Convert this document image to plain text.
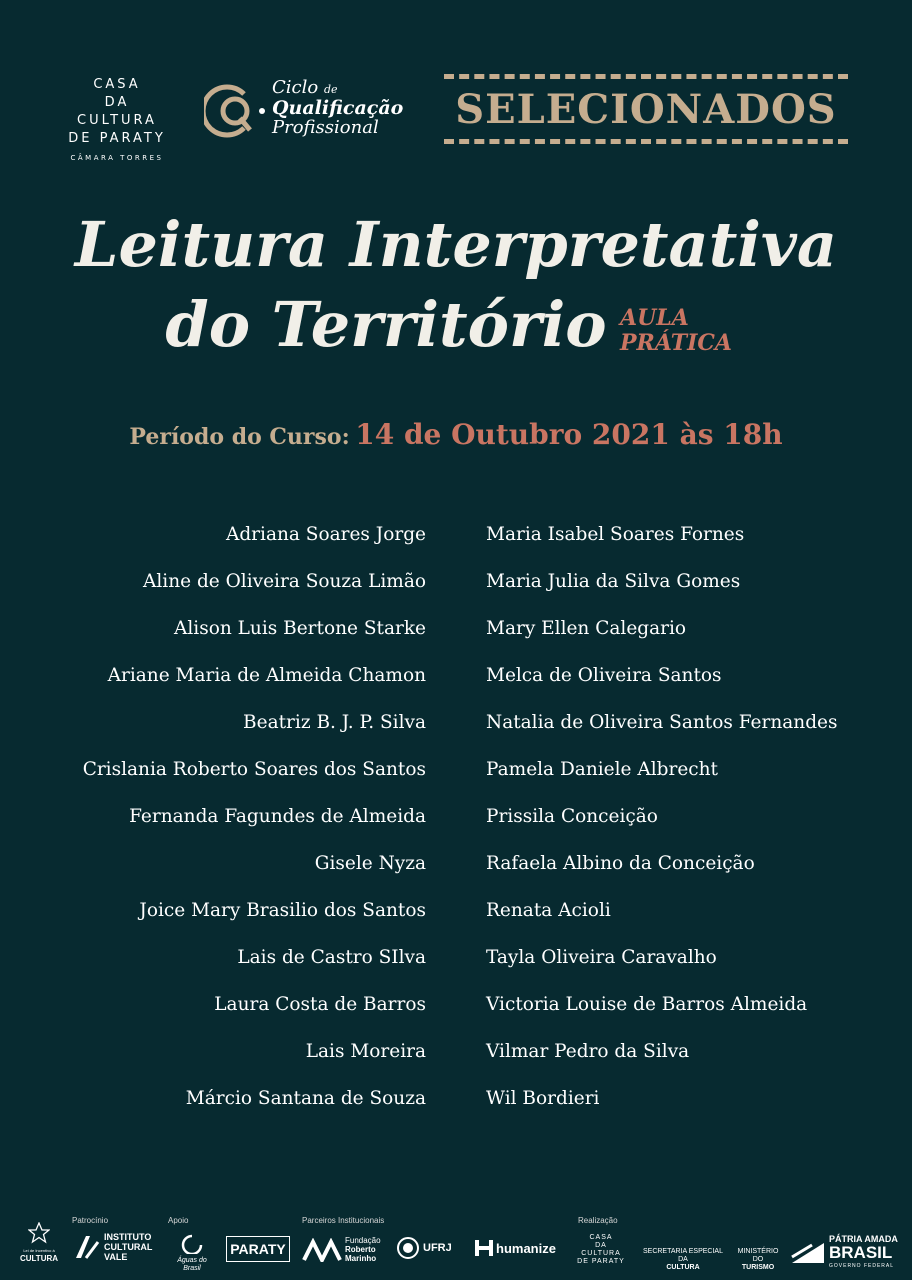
CASA
DA CULTURA
DE PARATY
CÂMARA TORRES
Ciclo de
Qualificação
Profissional	SELECIONADOS
Leitura Interpretativa
do Território AULA
PRÁTICA
Período do Curso: 14 de Outubro 2021 às 18h
Adriana Soares Jorge
Aline de Oliveira Souza Limão
Alison Luis Bertone Starke
Ariane Maria de Almeida Chamon
Beatriz B. J. P. Silva
Crislania Roberto Soares dos Santos
Fernanda Fagundes de Almeida
Gisele Nyza
Joice Mary Brasilio dos Santos
Lais de Castro SIlva
Laura Costa de Barros
Lais Moreira
Márcio Santana de Souza
Maria Isabel Soares Fornes
Maria Julia da Silva Gomes
Mary Ellen Calegario
Melca de Oliveira Santos
Natalia de Oliveira Santos Fernandes
Pamela Daniele Albrecht
Prissila Conceição
Rafaela Albino da Conceição
Renata Acioli
Tayla Oliveira Caravalho
Victoria Louise de Barros Almeida
Vilmar Pedro da Silva
Wil Bordieri
Patrocínio	Apoio	Parceiros Institucionais	Realização
Lei de Incentivo à
CULTURA
INSTITUTO
CULTURAL
VALE	Águas do Brasil
PARATY
Fundação
Roberto
Marinho
UFRJ	humanize
CASA
DA CULTURA
DE PARATY
SECRETARIA ESPECIAL DA
CULTURA
MINISTÉRIO DO
TURISMO
PÁTRIA AMADA
BRASIL
GOVERNO FEDERAL
